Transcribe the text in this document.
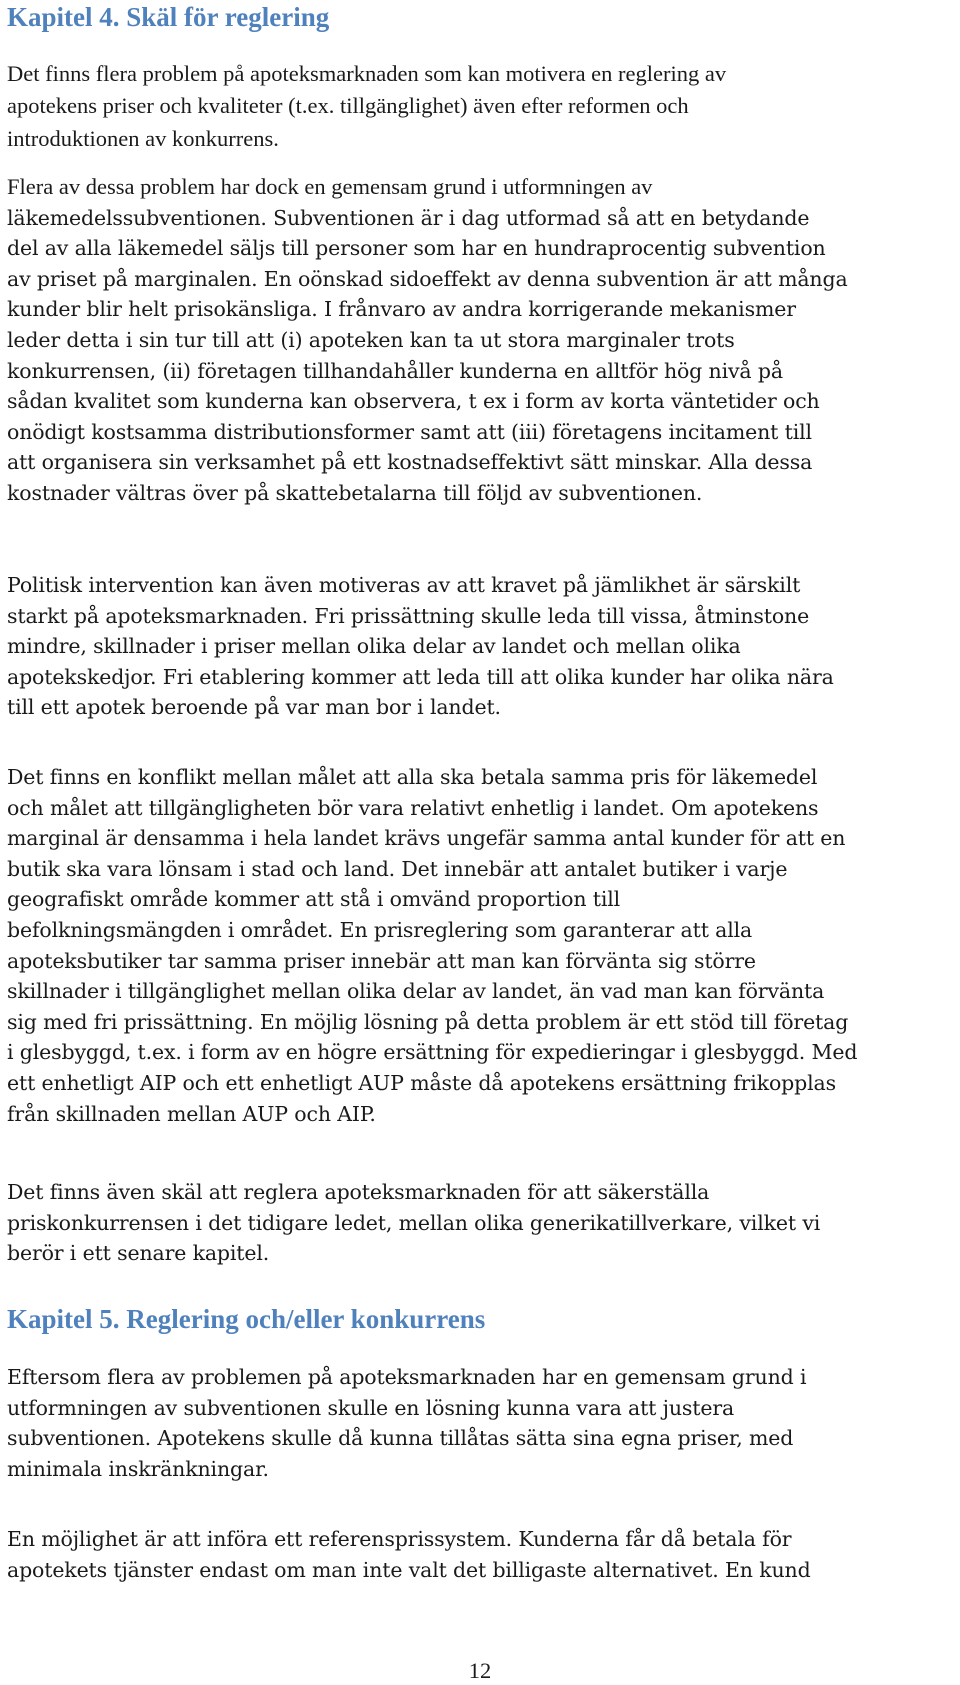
Kapitel 4. Skäl för reglering
Det finns flera problem på apoteksmarknaden som kan motivera en reglering av
apotekens priser och kvaliteter (t.ex. tillgänglighet) även efter reformen och
introduktionen av konkurrens.
Flera av dessa problem har dock en gemensam grund i utformningen av
läkemedelssubventionen. Subventionen är i dag utformad så att en betydande
del av alla läkemedel säljs till personer som har en hundraprocentig subvention
av priset på marginalen. En oönskad sidoeffekt av denna subvention är att många
kunder blir helt prisokänsliga. I frånvaro av andra korrigerande mekanismer
leder detta i sin tur till att (i) apoteken kan ta ut stora marginaler trots
konkurrensen, (ii) företagen tillhandahåller kunderna en alltför hög nivå på
sådan kvalitet som kunderna kan observera, t ex i form av korta väntetider och
onödigt kostsamma distributionsformer samt att (iii) företagens incitament till
att organisera sin verksamhet på ett kostnadseffektivt sätt minskar. Alla dessa
kostnader vältras över på skattebetalarna till följd av subventionen.
Politisk intervention kan även motiveras av att kravet på jämlikhet är särskilt
starkt på apoteksmarknaden. Fri prissättning skulle leda till vissa, åtminstone
mindre, skillnader i priser mellan olika delar av landet och mellan olika
apotekskedjor. Fri etablering kommer att leda till att olika kunder har olika nära
till ett apotek beroende på var man bor i landet.
Det finns en konflikt mellan målet att alla ska betala samma pris för läkemedel
och målet att tillgängligheten bör vara relativt enhetlig i landet. Om apotekens
marginal är densamma i hela landet krävs ungefär samma antal kunder för att en
butik ska vara lönsam i stad och land. Det innebär att antalet butiker i varje
geografiskt område kommer att stå i omvänd proportion till
befolkningsmängden i området. En prisreglering som garanterar att alla
apoteksbutiker tar samma priser innebär att man kan förvänta sig större
skillnader i tillgänglighet mellan olika delar av landet, än vad man kan förvänta
sig med fri prissättning. En möjlig lösning på detta problem är ett stöd till företag
i glesbyggd, t.ex. i form av en högre ersättning för expedieringar i glesbyggd. Med
ett enhetligt AIP och ett enhetligt AUP måste då apotekens ersättning frikopplas
från skillnaden mellan AUP och AIP.
Det finns även skäl att reglera apoteksmarknaden för att säkerställa
priskonkurrensen i det tidigare ledet, mellan olika generikatillverkare, vilket vi
berör i ett senare kapitel.
Kapitel 5. Reglering och/eller konkurrens
Eftersom flera av problemen på apoteksmarknaden har en gemensam grund i
utformningen av subventionen skulle en lösning kunna vara att justera
subventionen. Apotekens skulle då kunna tillåtas sätta sina egna priser, med
minimala inskränkningar.
En möjlighet är att införa ett referensprissystem. Kunderna får då betala för
apotekets tjänster endast om man inte valt det billigaste alternativet. En kund
12
